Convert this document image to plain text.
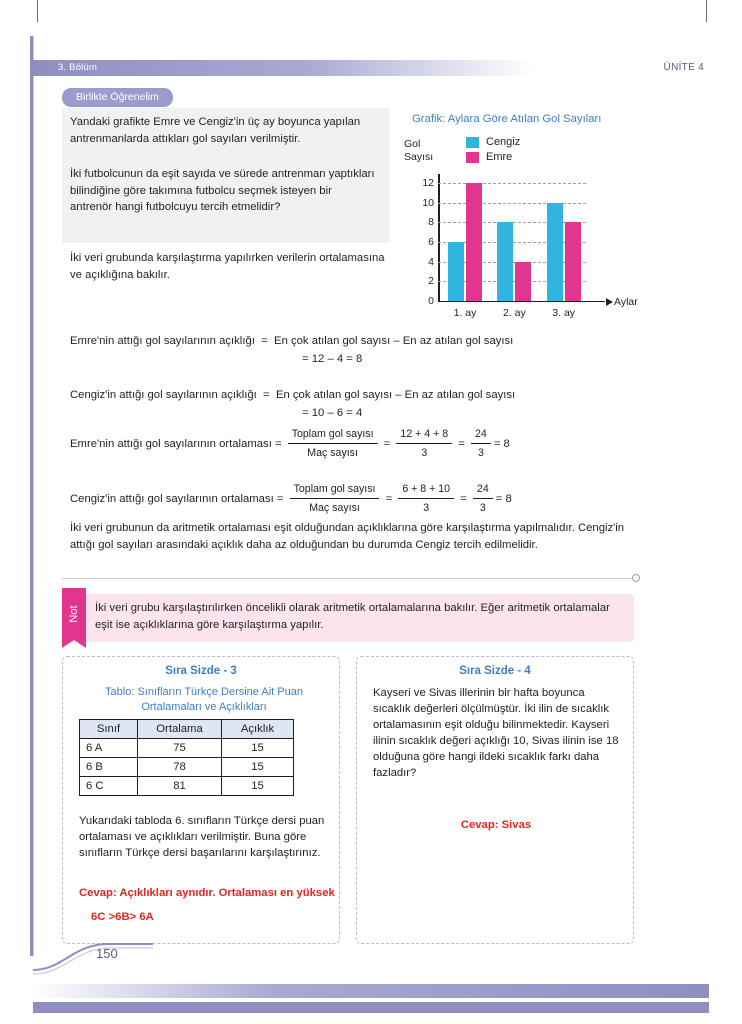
3. Bölüm	ÜNİTE 4
Birlikte Öğrenelim
Yandaki grafikte Emre ve Cengiz'in üç ay boyunca yapılan antrenmanlarda attıkları gol sayıları verilmiştir.
İki futbolcunun da eşit sayıda ve sürede antrenman yaptıkları bilindiğine göre takımına futbolcu seçmek isteyen bir antrenör hangi futbolcuyu tercih etmelidir?
İki veri grubunda karşılaştırma yapılırken verilerin ortalamasına ve açıklığına bakılır.
Grafik: Aylara Göre Atılan Gol Sayıları
Gol Sayısı
Cengiz
Emre
0
2
4
6
8
10
12
1. ay	2. ay	3. ay
Aylar
Emre'nin attığı gol sayılarının açıklığı  =  En çok atılan gol sayısı – En az atılan gol sayısı
= 12 – 4 = 8
Cengiz'in attığı gol sayılarının açıklığı  =  En çok atılan gol sayısı – En az atılan gol sayısı
= 10 – 6 = 4
Emre'nin attığı gol sayılarının ortalaması = $\frac{\text{Toplam gol sayısı}}{\text{Maç sayısı}} = \frac{12 + 4 + 8}{3} = \frac{24}{3} = 8$
Cengiz'in attığı gol sayılarının ortalaması = $\frac{\text{Toplam gol sayısı}}{\text{Maç sayısı}} = \frac{6 + 8 + 10}{3} = \frac{24}{3} = 8$
İki veri grubunun da aritmetik ortalaması eşit olduğundan açıklıklarına göre karşılaştırma yapılmalıdır. Cengiz'in attığı gol sayıları arasındaki açıklık daha az olduğundan bu durumda Cengiz tercih edilmelidir.
Not İki veri grubu karşılaştırılırken öncelikli olarak aritmetik ortalamalarına bakılır. Eğer aritmetik ortalamalar eşit ise açıklıklarına göre karşılaştırma yapılır.
Sıra Sizde - 3
Tablo: Sınıfların Türkçe Dersine Ait Puan Ortalamaları ve Açıklıkları
Sınıf	Ortalama	Açıklık
6 A	75	15
6 B	78	15
6 C	81	15
Yukarıdaki tabloda 6. sınıfların Türkçe dersi puan ortalaması ve açıklıkları verilmiştir. Buna göre sınıfların Türkçe dersi başarılarını karşılaştırınız.
Cevap: Açıklıkları aynıdır. Ortalaması en yüksek
6C >6B> 6A
Sıra Sizde - 4
Kayseri ve Sivas illerinin bir hafta boyunca sıcaklık değerleri ölçülmüştür. İki ilin de sıcaklık ortalamasının eşit olduğu bilinmektedir. Kayseri ilinin sıcaklık değeri açıklığı 10, Sivas ilinin ise 18 olduğuna göre hangi ildeki sıcaklık farkı daha fazladır?
Cevap: Sivas
150
